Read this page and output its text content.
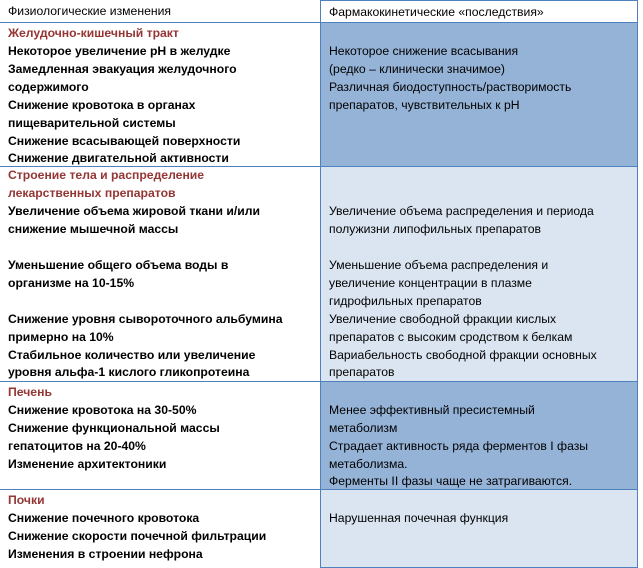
Физиологические изменения	Фармакокинетические «последствия»
Желудочно-кишечный тракт
Некоторое увеличение pH в желудке
Замедленная эвакуация желудочного
содержимого
Снижение кровотока в органах
пищеварительной системы
Снижение всасывающей поверхности
Снижение двигательной активности
Некоторое снижение всасывания
(редко – клинически значимое)
Различная биодоступность/растворимость
препаратов, чувствительных к pH
Строение тела и распределение
лекарственных препаратов
Увеличение объема жировой ткани и/или
снижение мышечной массы
Уменьшение общего объема воды в
организме на 10-15%
Снижение уровня сывороточного альбумина
примерно на 10%
Стабильное количество или увеличение
уровня альфа-1 кислого гликопротеина
Увеличение объема распределения и периода
полужизни липофильных препаратов
Уменьшение объема распределения и
увеличение концентрации в плазме
гидрофильных препаратов
Увеличение свободной фракции кислых
препаратов с высоким сродством к белкам
Вариабельность свободной фракции основных
препаратов
Печень
Снижение кровотока на 30-50%
Снижение функциональной массы
гепатоцитов на 20-40%
Изменение архитектоники
Менее эффективный пресистемный
метаболизм
Страдает активность ряда ферментов I фазы
метаболизма.
Ферменты II фазы чаще не затрагиваются.
Почки
Снижение почечного кровотока
Снижение скорости почечной фильтрации
Изменения в строении нефрона
Нарушенная почечная функция
